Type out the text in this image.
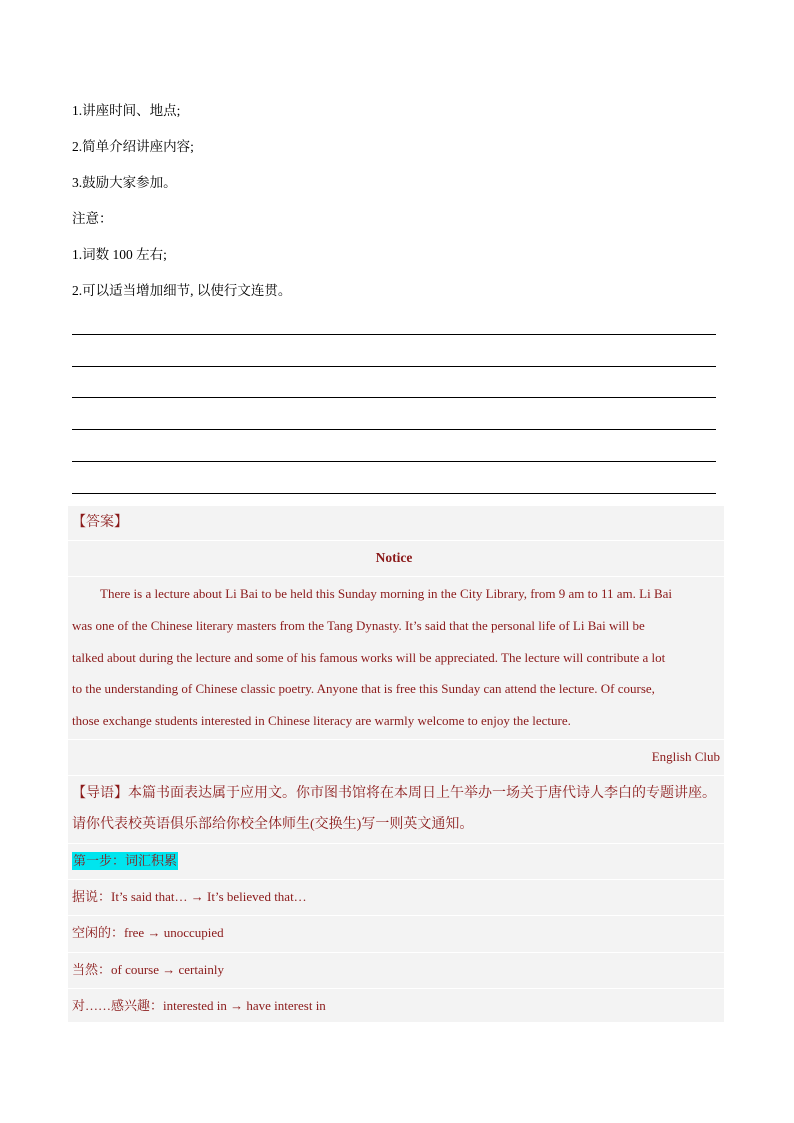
1.讲座时间、地点;
2.简单介绍讲座内容;
3.鼓励大家参加。
注意：
1.词数 100 左右;
2.可以适当增加细节, 以使行文连贯。
【答案】
Notice
There is a lecture about Li Bai to be held this Sunday morning in the City Library, from 9 am to 11 am. Li Bai
was one of the Chinese literary masters from the Tang Dynasty. It’s said that the personal life of Li Bai will be
talked about during the lecture and some of his famous works will be appreciated. The lecture will contribute a lot
to the understanding of Chinese classic poetry. Anyone that is free this Sunday can attend the lecture. Of course,
those exchange students interested in Chinese literacy are warmly welcome to enjoy the lecture.
English Club
【导语】本篇书面表达属于应用文。你市图书馆将在本周日上午举办一场关于唐代诗人李白的专题讲座。
请你代表校英语俱乐部给你校全体师生(交换生)写一则英文通知。
第一步：词汇积累
据说：It’s said that… → It’s believed that…
空闲的：free → unoccupied
当然：of course → certainly
对……感兴趣：interested in → have interest in
